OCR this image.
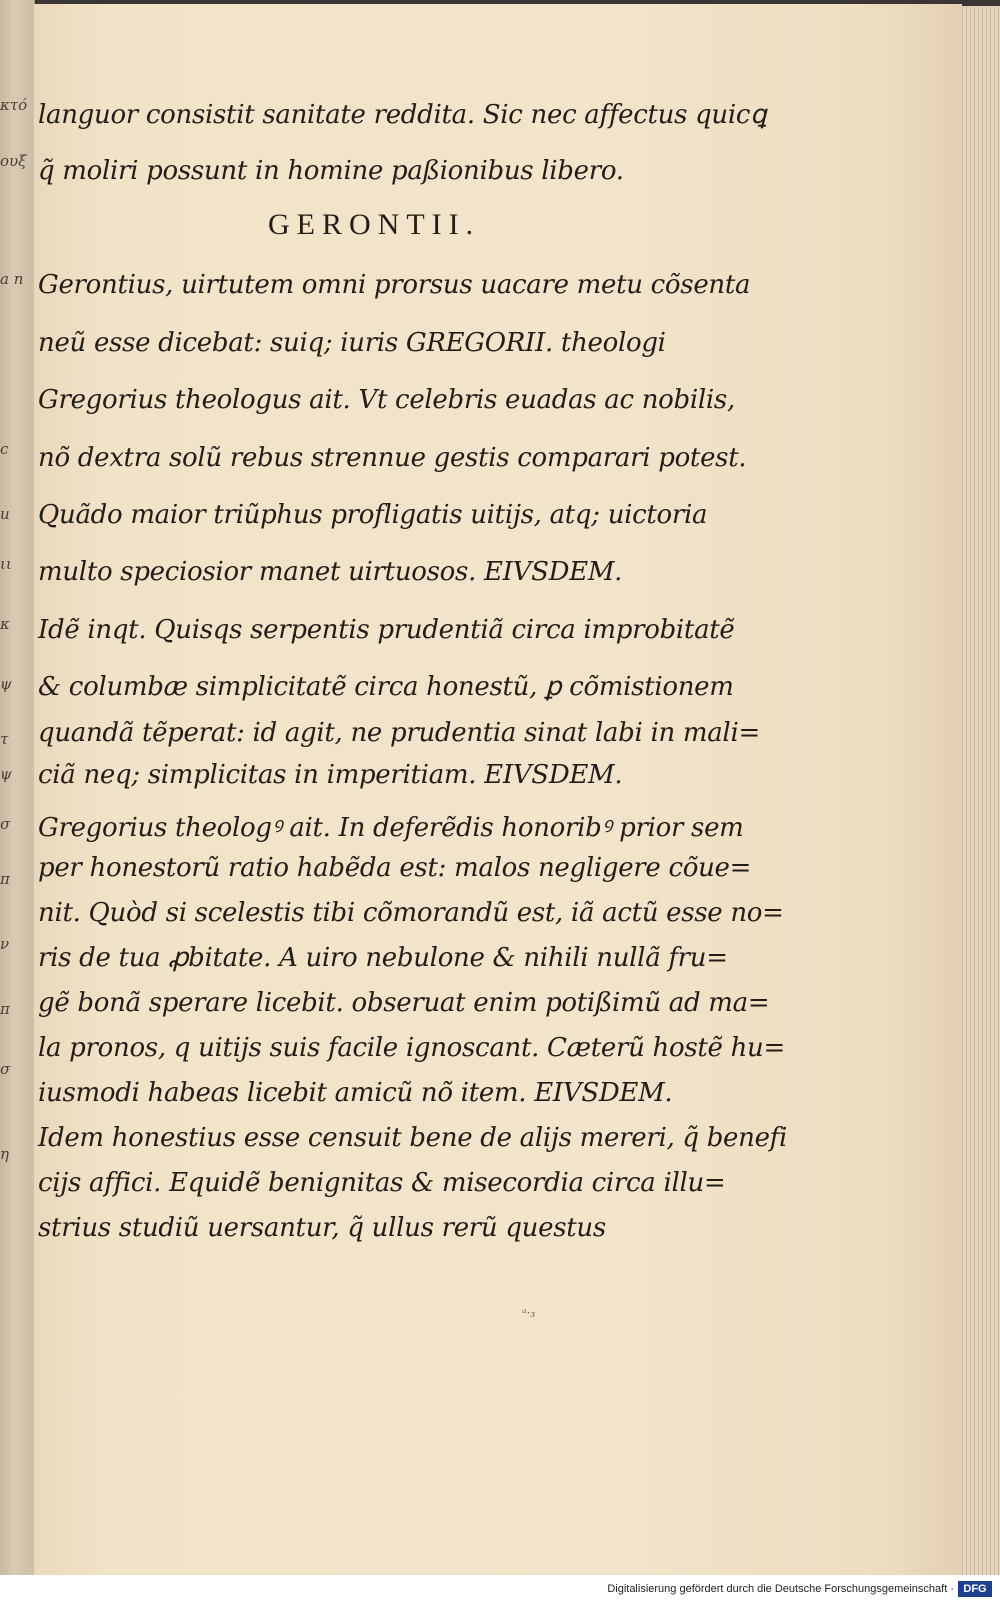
κτό
ουξ
a n
c
u
ιι
κ
ψ
τ
ψ
σ
π
ν
π
σ
η
languor consistit sanitate reddita. Sic nec affectus quicꝗ
q̃ moliri possunt in homine paßionibus libero.
GERONTII.
Gerontius, uirtutem omni prorsus uacare metu cõsenta
neũ esse dicebat: suiq; iuris GREGORII. theologi
Gregorius theologus ait. Vt celebris euadas ac nobilis,
nõ dextra solũ rebus strennue gestis comparari potest.
Quãdo maior triũphus profligatis uitijs, atq; uictoria
multo speciosior manet uirtuosos. EIVSDEM.
Idẽ inqt. Quisqs serpentis prudentiã circa improbitatẽ
& columbæ simplicitatẽ circa honestũ, ꝑ cõmistionem
quandã tẽperat: id agit, ne prudentia sinat labi in mali=
ciã neq; simplicitas in imperitiam. EIVSDEM.
Gregorius theologꝰ ait. In deferẽdis honoribꝰ prior sem
per honestorũ ratio habẽda est: malos negligere cõue=
nit. Quòd si scelestis tibi cõmorandũ est, iã actũ esse no=
ris de tua ꝓbitate. A uiro nebulone & nihili nullã fru=
gẽ bonã sperare licebit. obseruat enim potißimũ ad ma=
la pronos, q uitijs suis facile ignoscant. Cæterũ hostẽ hu=
iusmodi habeas licebit amicũ nõ item. EIVSDEM.
Idem honestius esse censuit bene de alijs mereri, q̃ benefi
cijs affici. Equidẽ benignitas & misecordia circa illu=
strius studiũ uersantur, q̃ ullus rerũ questus
ᵃ·₃
Digitalisierung gefördert durch die Deutsche Forschungsgemeinschaft · DFG
